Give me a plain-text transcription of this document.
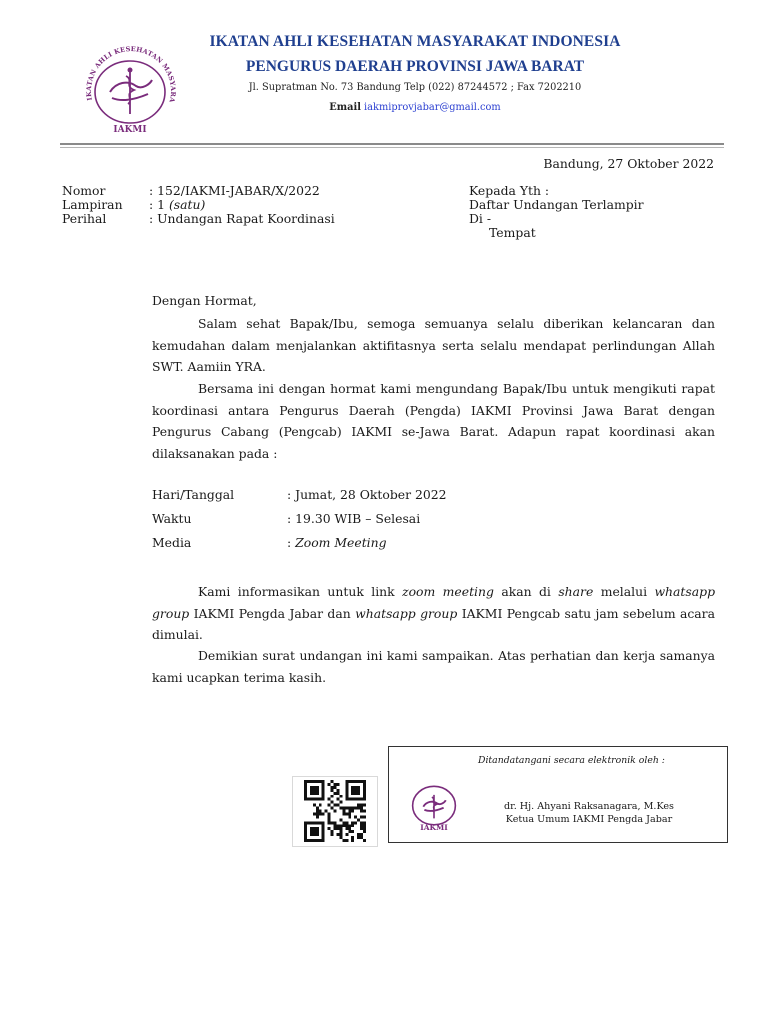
IKATAN AHLI KESEHATAN MASYARA
IAKMI
IKATAN AHLI KESEHATAN MASYARAKAT INDONESIA
PENGURUS DAERAH PROVINSI JAWA BARAT
Jl. Supratman No. 73 Bandung Telp (022) 87244572 ; Fax 7202210
Email iakmiprovjabar@gmail.com
Bandung, 27 Oktober 2022
Nomor	: 152/IAKMI-JABAR/X/2022
Lampiran : 1 (satu)
Perihal	: Undangan Rapat Koordinasi
Kepada Yth :
Daftar Undangan Terlampir
Di -
Tempat
Dengan Hormat,
Salam sehat Bapak/Ibu, semoga semuanya selalu diberikan kelancaran dan kemudahan dalam menjalankan aktifitasnya serta selalu mendapat perlindungan Allah SWT. Aamiin YRA.
Bersama ini dengan hormat kami mengundang Bapak/Ibu untuk mengikuti rapat koordinasi antara Pengurus Daerah (Pengda) IAKMI Provinsi Jawa Barat dengan Pengurus Cabang (Pengcab) IAKMI se-Jawa Barat. Adapun rapat koordinasi akan dilaksanakan pada :
Hari/Tanggal	: Jumat, 28 Oktober 2022
Waktu	: 19.30 WIB – Selesai
Media	: Zoom Meeting
Kami informasikan untuk link zoom meeting akan di share melalui whatsapp group IAKMI Pengda Jabar dan whatsapp group IAKMI Pengcab satu jam sebelum acara dimulai.
Demikian surat undangan ini kami sampaikan. Atas perhatian dan kerja samanya kami ucapkan terima kasih.
Ditandatangani secara elektronik oleh :
IAKMI
dr. Hj. Ahyani Raksanagara, M.Kes
Ketua Umum IAKMI Pengda Jabar
